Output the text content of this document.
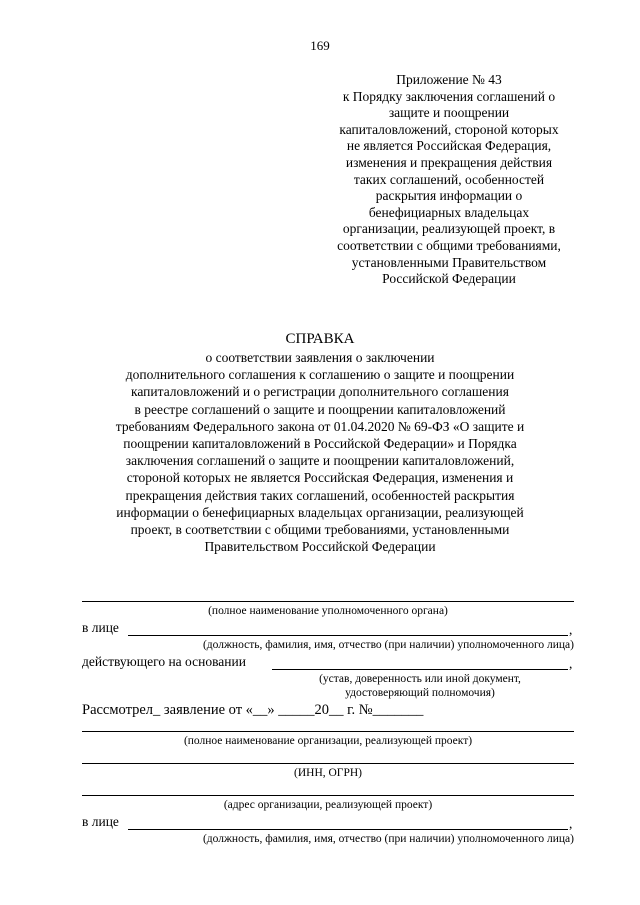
169
Приложение № 43
к Порядку заключения соглашений о
защите и поощрении
капиталовложений, стороной которых
не является Российская Федерация,
изменения и прекращения действия
таких соглашений, особенностей
раскрытия информации о
бенефициарных владельцах
организации, реализующей проект, в
соответствии с общими требованиями,
установленными Правительством
Российской Федерации
СПРАВКА
о соответствии заявления о заключении
дополнительного соглашения к соглашению о защите и поощрении
капиталовложений и о регистрации дополнительного соглашения
в реестре соглашений о защите и поощрении капиталовложений
требованиям Федерального закона от 01.04.2020 № 69-ФЗ «О защите и
поощрении капиталовложений в Российской Федерации» и Порядка
заключения соглашений о защите и поощрении капиталовложений,
стороной которых не является Российская Федерация, изменения и
прекращения действия таких соглашений, особенностей раскрытия
информации о бенефициарных владельцах организации, реализующей
проект, в соответствии с общими требованиями, установленными
Правительством Российской Федерации
(полное наименование уполномоченного органа)
в лице	,
(должность, фамилия, имя, отчество (при наличии) уполномоченного лица)
действующего на основании	,
(устав, доверенность или иной документ,
удостоверяющий полномочия)
Рассмотрел_ заявление от «__» _____20__ г. №_______
(полное наименование организации, реализующей проект)
(ИНН, ОГРН)
(адрес организации, реализующей проект)
в лице	,
(должность, фамилия, имя, отчество (при наличии) уполномоченного лица)
